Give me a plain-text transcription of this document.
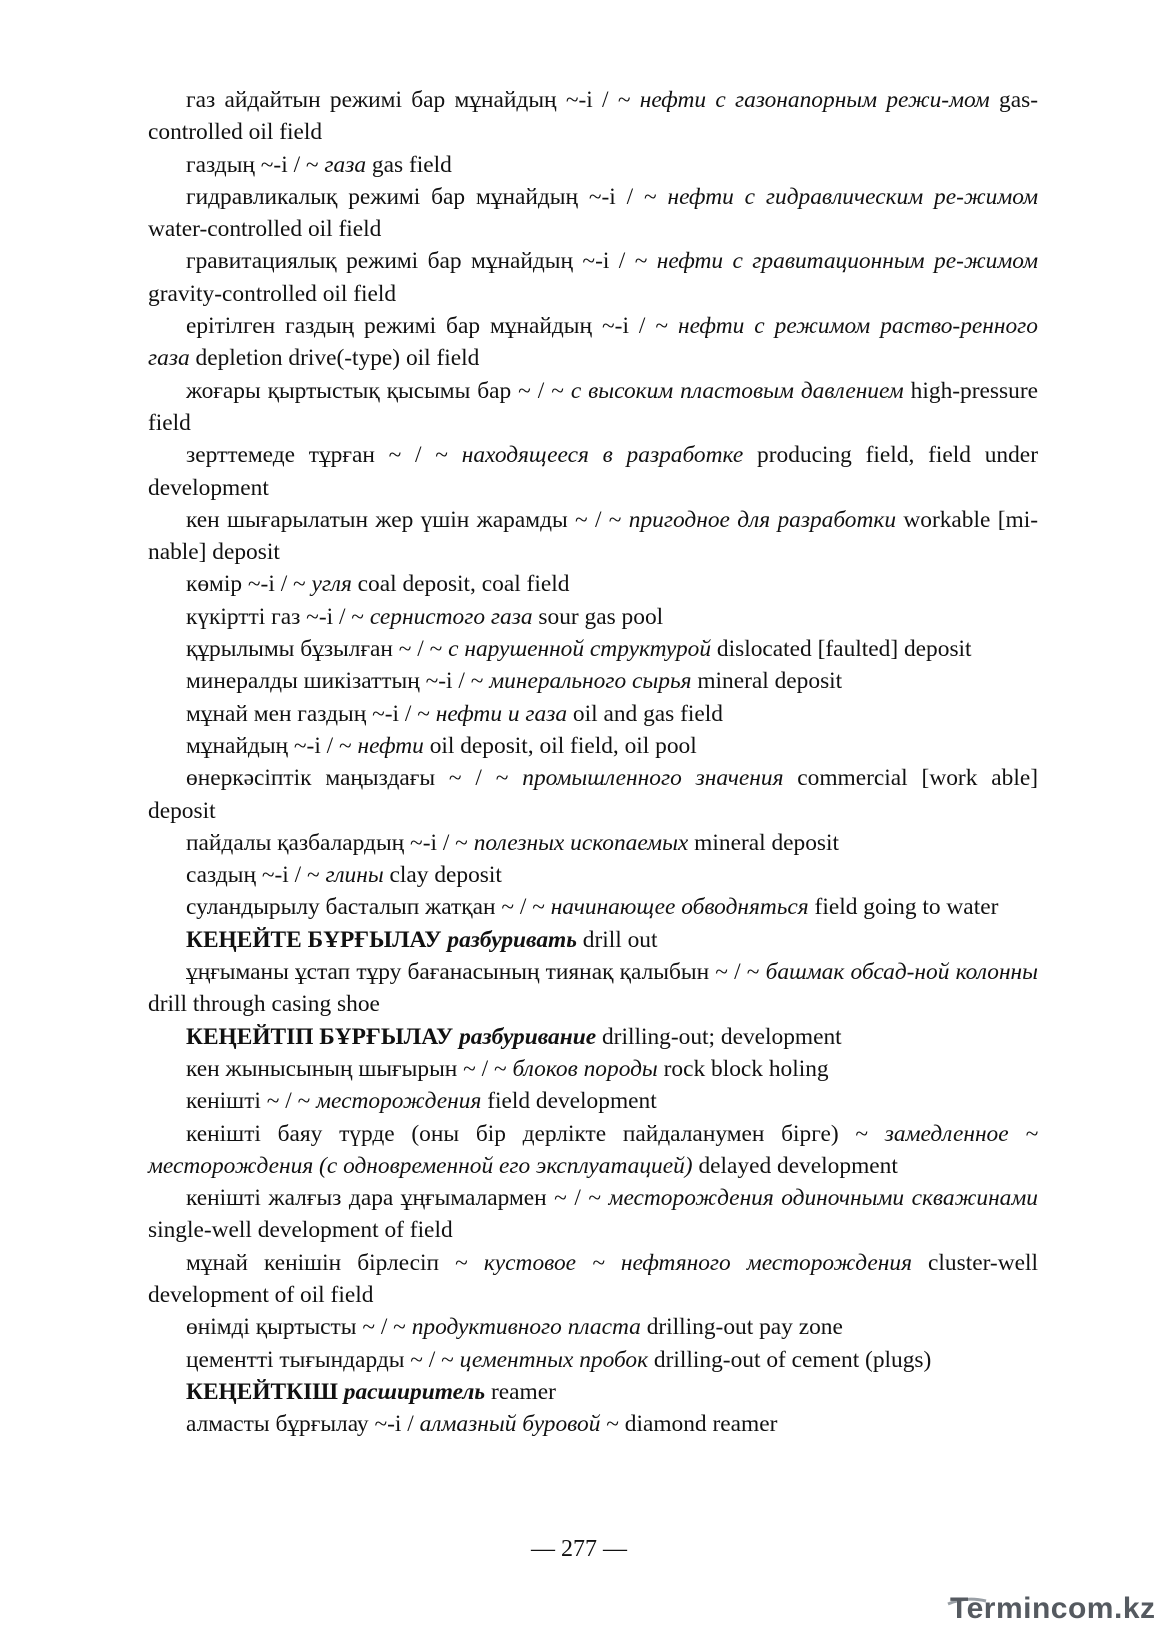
газ айдайтын режимі бар мұнайдың ~-і / ~ нефти с газонапорным режи-мом gas-controlled oil field

газдың ~-і / ~ газа gas field

гидравликалық режимі бар мұнайдың ~-і / ~ нефти с гидравлическим ре-жимом water-controlled oil field

гравитациялық режимі бар мұнайдың ~-і / ~ нефти с гравитационным ре-жимом gravity-controlled oil field

ерітілген газдың режимі бар мұнайдың ~-і / ~ нефти с режимом раство-ренного газа depletion drive(-type) oil field

жоғары қыртыстық қысымы бар ~ / ~ с высоким пластовым давлением high-pressure field

зерттемеде тұрған ~ / ~ находящееся в разработке producing field, field under development

кен шығарылатын жер үшін жарамды ~ / ~ пригодное для разработки workable [mi-nable] deposit

көмір ~-і / ~ угля coal deposit, coal field

күкіртті газ ~-і / ~ сернистого газа sour gas pool

құрылымы бұзылған ~ / ~ с нарушенной структурой dislocated [faulted] deposit

минералды шикізаттың ~-і / ~ минерального сырья mineral deposit

мұнай мен газдың ~-і / ~ нефти и газа oil and gas field

мұнайдың ~-і / ~ нефти oil deposit, oil field, oil pool

өнеркәсіптік маңыздағы ~ / ~ промышленного значения commercial [work able] deposit

пайдалы қазбалардың ~-і / ~ полезных ископаемых mineral deposit

саздың ~-і / ~ глины clay deposit

суландырылу басталып жатқан ~ / ~ начинающее обводняться field going to water

КЕҢЕЙТЕ БҰРҒЫЛАУ разбуривать drill out

ұңғыманы ұстап тұру бағанасының тиянақ қалыбын ~ / ~ башмак обсад-ной колонны drill through casing shoe

КЕҢЕЙТІП БҰРҒЫЛАУ разбуривание drilling-out; development

кен жынысының шығырын ~ / ~ блоков породы rock block holing

кеніштi ~ / ~ месторождения field development

кеніштi баяу түрде (оны бір дерлікте пайдаланумен бірге) ~ замедленное ~ месторождения (с одновременной его эксплуатацией) delayed development

кеніштi жалғыз дара ұңғымалармен ~ / ~ месторождения одиночными скважинами single-well development of field

мұнай кенішін бірлесіп ~ кустовое ~ нефтяного месторождения cluster-well development of oil field

өнімді қыртысты ~ / ~ продуктивного пласта drilling-out pay zone

цементті тығындарды ~ / ~ цементных пробок drilling-out of cement (plugs)

КЕҢЕЙТКІШ расширитель reamer

алмасты бұрғылау ~-і / алмазный буровой ~ diamond reamer

— 277 —
Termincom.kz
